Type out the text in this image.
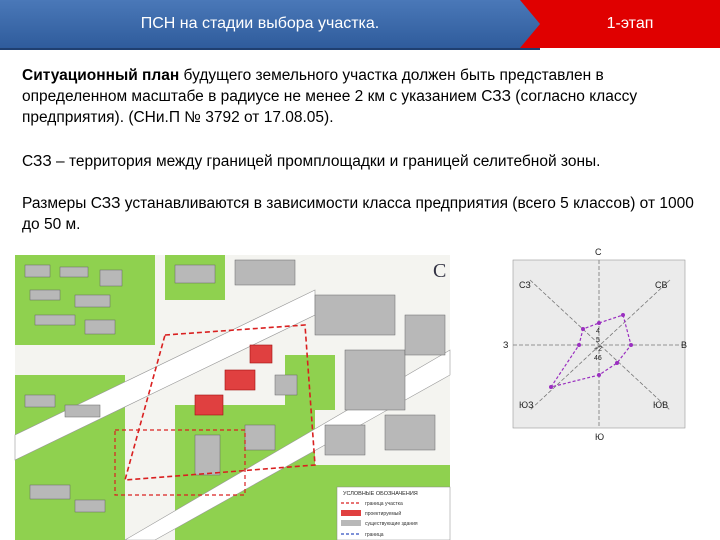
ПСН на стадии выбора участка.	1-этап

Ситуационный план будущего земельного участка должен быть представлен в определенном масштабе в радиусе не менее 2 км с указанием СЗЗ (согласно классу предприятия). (СНи.П № 3792 от 17.08.05).

СЗЗ – территория между границей промплощадки и границей селитебной зоны.

Размеры СЗЗ устанавливаются в зависимости класса предприятия (всего 5 классов) от 1000 до 50 м.

С
УСЛОВНЫЕ ОБОЗНАЧЕНИЯ
граница участка
проектируемый
существующие здания
граница
С
СВ
В
ЮВ
Ю
ЮЗ
З
СЗ
4
5
+2
46
